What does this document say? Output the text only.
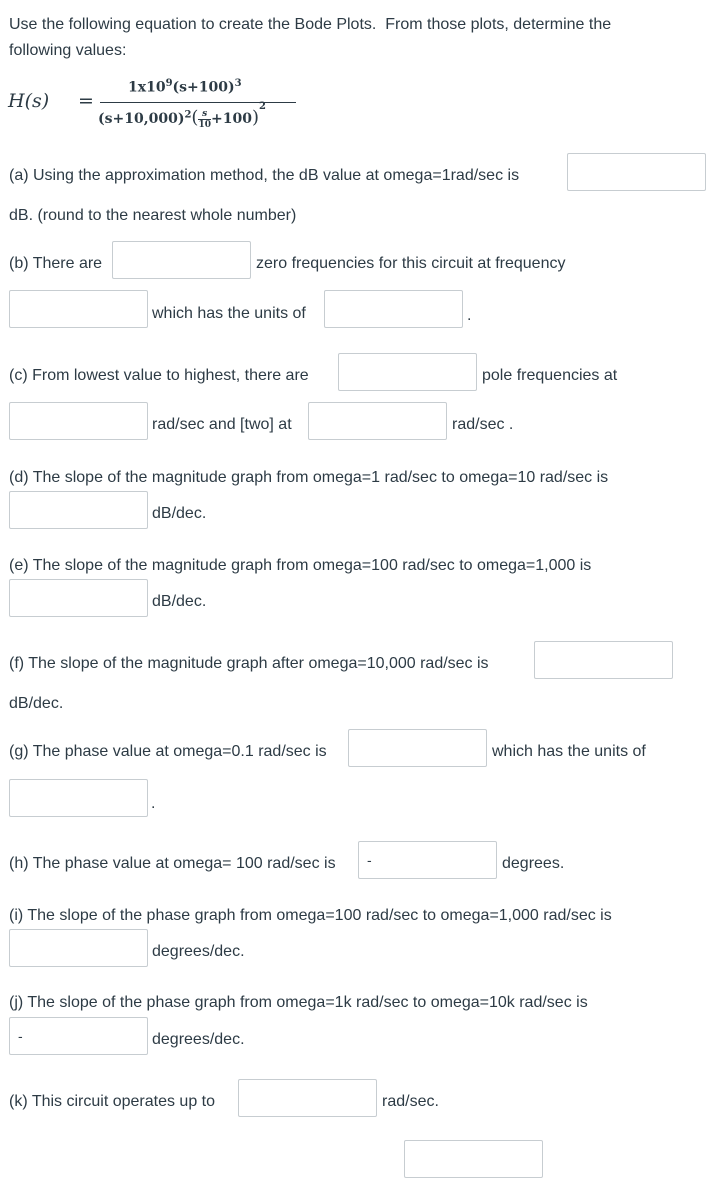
Use the following equation to create the Bode Plots.  From those plots, determine the
following values:
H(s) =
$1x10^9(s+100)^3$
$(s+10,000)^2( \frac{s}{10} +100)^2$
(a) Using the approximation method, the dB value at omega=1rad/sec is
dB. (round to the nearest whole number)
(b) There are	zero frequencies for this circuit at frequency
which has the units of	.
(c) From lowest value to highest, there are	pole frequencies at
rad/sec and [two] at	rad/sec .
(d) The slope of the magnitude graph from omega=1 rad/sec to omega=10 rad/sec is
dB/dec.
(e) The slope of the magnitude graph from omega=100 rad/sec to omega=1,000 is
dB/dec.
(f) The slope of the magnitude graph after omega=10,000 rad/sec is
dB/dec.
(g) The phase value at omega=0.1 rad/sec is	which has the units of
.
(h) The phase value at omega= 100 rad/sec is
-	degrees.
(i) The slope of the phase graph from omega=100 rad/sec to omega=1,000 rad/sec is
degrees/dec.
(j) The slope of the phase graph from omega=1k rad/sec to omega=10k rad/sec is
-
degrees/dec.
(k) This circuit operates up to	rad/sec.
